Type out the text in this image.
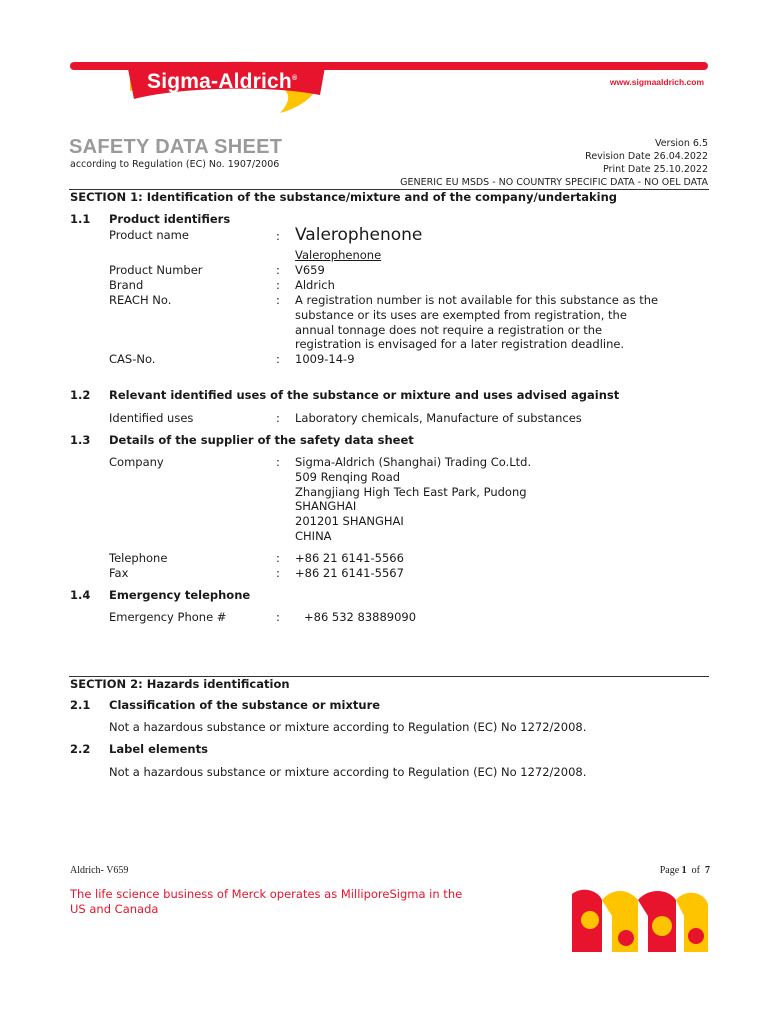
Sigma-Aldrich®	www.sigmaaldrich.com
SAFETY DATA SHEET
according to Regulation (EC) No. 1907/2006
Version 6.5
Revision Date 26.04.2022
Print Date 25.10.2022
GENERIC EU MSDS - NO COUNTRY SPECIFIC DATA - NO OEL DATA
SECTION 1: Identification of the substance/mixture and of the company/undertaking
1.1 Product identifiers
Product name	: Valerophenone
Valerophenone
Product Number	: V659
Brand	: Aldrich
REACH No.	: A registration number is not available for this substance as the
substance or its uses are exempted from registration, the
annual tonnage does not require a registration or the
registration is envisaged for a later registration deadline.
CAS-No.	: 1009-14-9
1.2 Relevant identified uses of the substance or mixture and uses advised against
Identified uses	: Laboratory chemicals, Manufacture of substances
1.3 Details of the supplier of the safety data sheet
Company	: Sigma-Aldrich (Shanghai) Trading Co.Ltd.
509 Renqing Road
Zhangjiang High Tech East Park, Pudong
SHANGHAI
201201 SHANGHAI
CHINA
Telephone	: +86 21 6141-5566
Fax	: +86 21 6141-5567
1.4 Emergency telephone
Emergency Phone #	: +86 532 83889090
SECTION 2: Hazards identification
2.1 Classification of the substance or mixture
Not a hazardous substance or mixture according to Regulation (EC) No 1272/2008.
2.2 Label elements
Not a hazardous substance or mixture according to Regulation (EC) No 1272/2008.
Aldrich- V659	Page 1 of 7
The life science business of Merck operates as MilliporeSigma in the US and Canada
